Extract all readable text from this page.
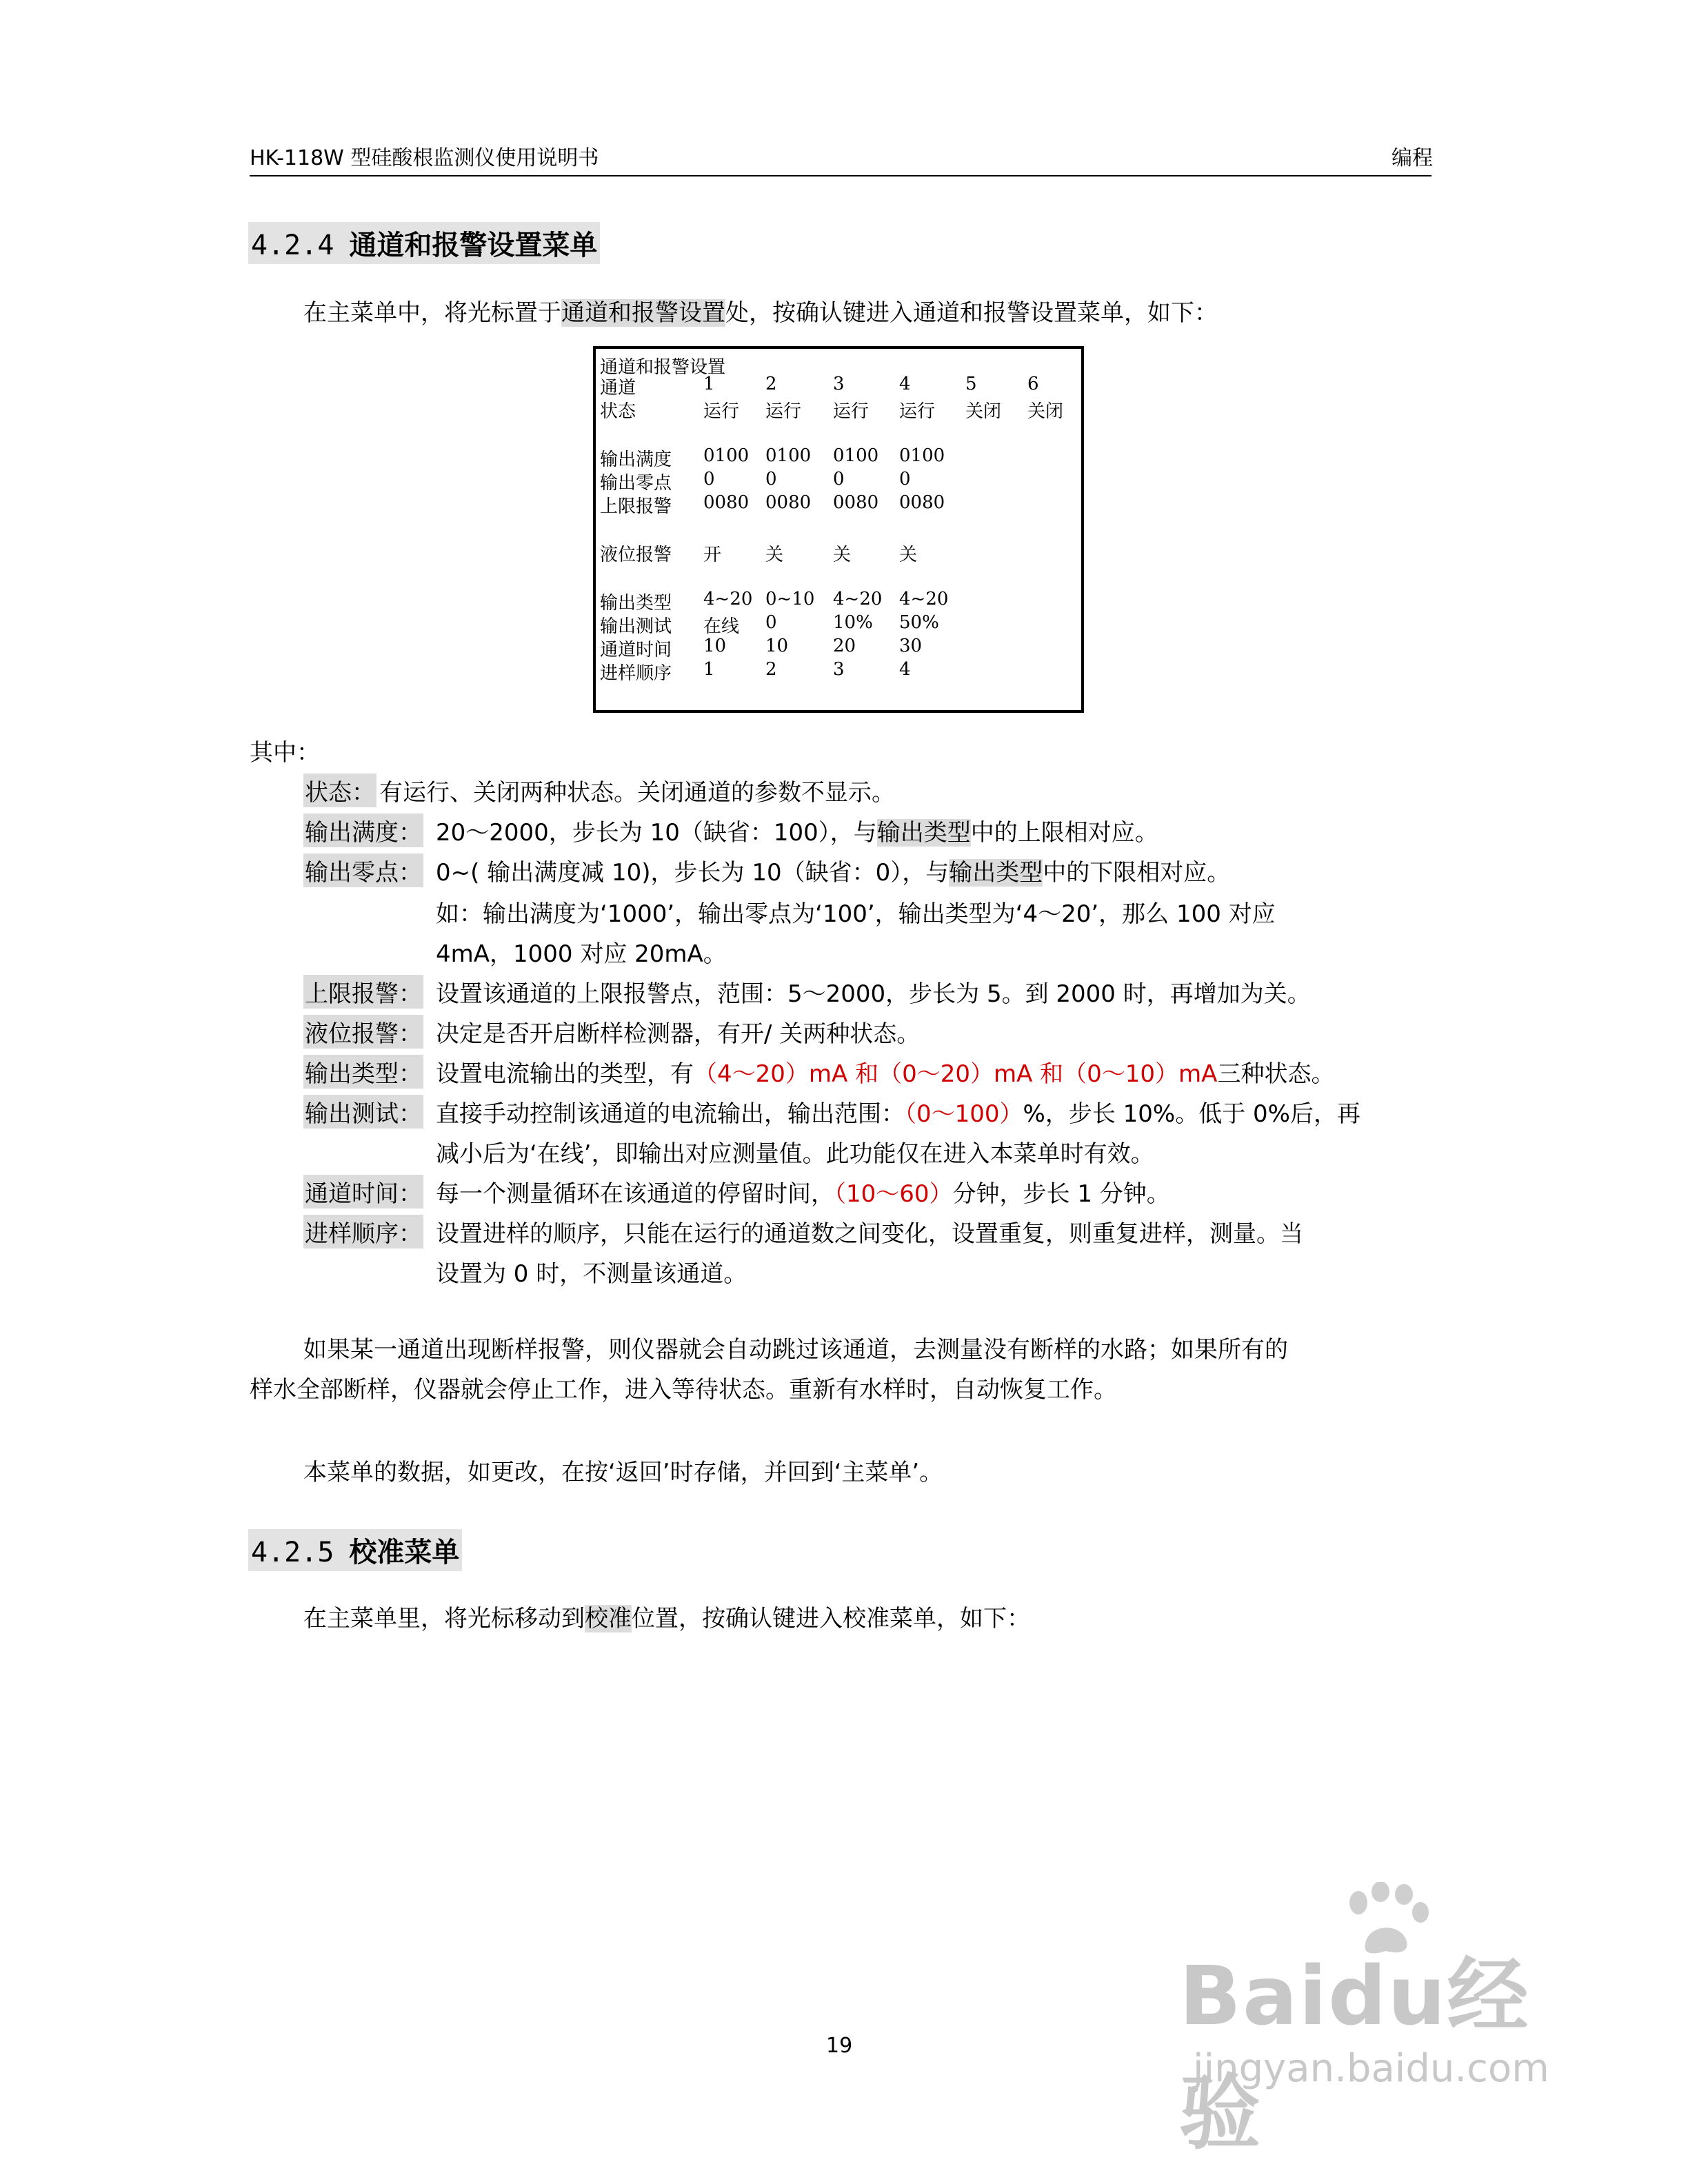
HK-118W 型硅酸根监测仪使用说明书	编程
4.2.4 通道和报警设置菜单
在主菜单中，将光标置于通道和报警设置处，按确认键进入通道和报警设置菜单，如下：
通道和报警设置
通道	1	2	3	4	5	6
状态	运行 运行 运行 运行 关闭 关闭
输出满度 0100 0100 0100 0100
输出零点 0	0	0	0
上限报警 0080 0080 0080 0080
液位报警 开 关	关	关
输出类型 4~20 0~10 4~20 4~20
输出测试 在线 0	10% 50%
通道时间 10 10 20 30
进样顺序 1	2	3	4
其中：
状态： 有运行、关闭两种状态。关闭通道的参数不显示。
输出满度： 20～2000，步长为 10（缺省：100），与输出类型中的上限相对应。
输出零点： 0~( 输出满度减 10)，步长为 10（缺省：0），与输出类型中的下限相对应。
如：输出满度为‘1000’，输出零点为‘100’，输出类型为‘4～20’，那么 100 对应
4mA，1000 对应 20mA。
上限报警： 设置该通道的上限报警点，范围：5～2000，步长为 5。到 2000 时，再增加为关。
液位报警： 决定是否开启断样检测器，有开/ 关两种状态。
输出类型： 设置电流输出的类型，有（4～20）mA 和（0～20）mA 和（0～10）mA三种状态。
输出测试： 直接手动控制该通道的电流输出，输出范围：（0～100）%，步长 10%。低于 0%后，再
减小后为‘在线’，即输出对应测量值。此功能仅在进入本菜单时有效。
通道时间： 每一个测量循环在该通道的停留时间，（10～60）分钟，步长 1 分钟。
进样顺序： 设置进样的顺序，只能在运行的通道数之间变化，设置重复，则重复进样，测量。当
设置为 0 时，不测量该通道。
如果某一通道出现断样报警，则仪器就会自动跳过该通道，去测量没有断样的水路；如果所有的
样水全部断样，仪器就会停止工作，进入等待状态。重新有水样时，自动恢复工作。
本菜单的数据，如更改，在按‘返回’时存储，并回到‘主菜单’。
4.2.5 校准菜单
在主菜单里，将光标移动到校准位置，按确认键进入校准菜单，如下：
19
Baidu经验
jingyan.baidu.com
